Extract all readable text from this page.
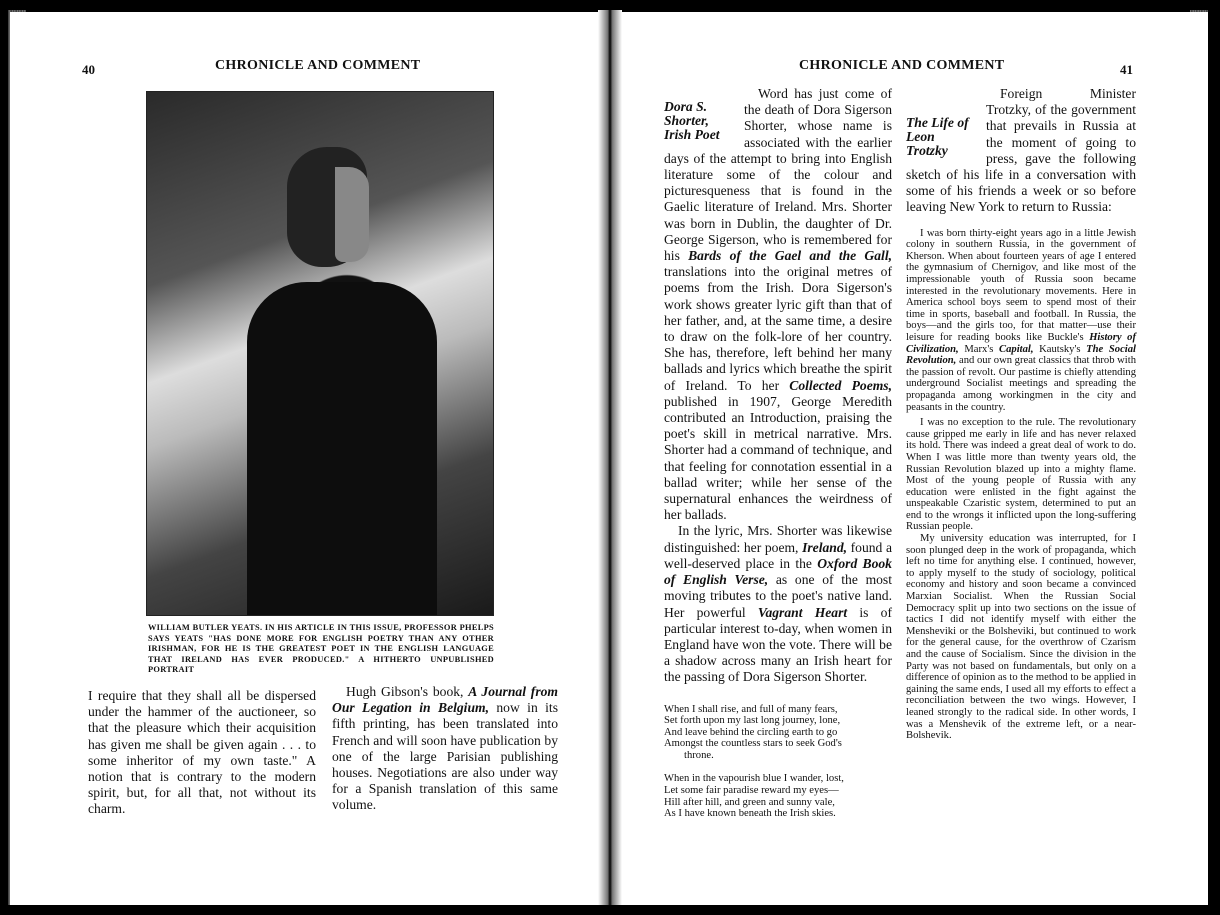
40	CHRONICLE AND COMMENT
WILLIAM BUTLER YEATS. IN HIS ARTICLE IN THIS ISSUE, PROFESSOR PHELPS SAYS YEATS "HAS DONE MORE FOR ENGLISH POETRY THAN ANY OTHER IRISHMAN, FOR HE IS THE GREATEST POET IN THE ENGLISH LANGUAGE THAT IRELAND HAS EVER PRODUCED." A HITHERTO UNPUBLISHED PORTRAIT

I require that they shall all be dispersed under the hammer of the auctioneer, so that the pleasure which their acquisition has given me shall be given again . . . to some inheritor of my own taste." A notion that is contrary to the modern spirit, but, for all that, not without its charm.

Hugh Gibson's book, A Journal from Our Legation in Belgium, now in its fifth printing, has been translated into French and will soon have publication by one of the large Parisian publishing houses. Negotiations are also under way for a Spanish translation of this same volume.

CHRONICLE AND COMMENT	41
Dora S. Shorter, Irish Poet

Word has just come of the death of Dora Sigerson Shorter, whose name is associated with the earlier days of the attempt to bring into English literature some of the colour and picturesqueness that is found in the Gaelic literature of Ireland. Mrs. Shorter was born in Dublin, the daughter of Dr. George Sigerson, who is remembered for his Bards of the Gael and the Gall, translations into the original metres of poems from the Irish. Dora Sigerson's work shows greater lyric gift than that of her father, and, at the same time, a desire to draw on the folk-lore of her country. She has, therefore, left behind her many ballads and lyrics which breathe the spirit of Ireland. To her Collected Poems, published in 1907, George Meredith contributed an Introduction, praising the poet's skill in metrical narrative. Mrs. Shorter had a command of technique, and that feeling for connotation essential in a ballad writer; while her sense of the supernatural enhances the weirdness of her ballads.

In the lyric, Mrs. Shorter was likewise distinguished: her poem, Ireland, found a well-deserved place in the Oxford Book of English Verse, as one of the most moving tributes to the poet's native land. Her powerful Vagrant Heart is of particular interest to-day, when women in England have won the vote. There will be a shadow across many an Irish heart for the passing of Dora Sigerson Shorter.

When I shall rise, and full of many fears,
Set forth upon my last long journey, lone,
And leave behind the circling earth to go
Amongst the countless stars to seek God's
throne.
When in the vapourish blue I wander, lost,
Let some fair paradise reward my eyes—
Hill after hill, and green and sunny vale,
As I have known beneath the Irish skies.
The Life of Leon Trotzky

Foreign Minister Trotzky, of the government that prevails in Russia at the moment of going to press, gave the following sketch of his life in a conversation with some of his friends a week or so before leaving New York to return to Russia:

I was born thirty-eight years ago in a little Jewish colony in southern Russia, in the government of Kherson. When about fourteen years of age I entered the gymnasium of Chernigov, and like most of the impressionable youth of Russia soon became interested in the revolutionary movements. Here in America school boys seem to spend most of their time in sports, baseball and football. In Russia, the boys—and the girls too, for that matter—use their leisure for reading books like Buckle's History of Civilization, Marx's Capital, Kautsky's The Social Revolution, and our own great classics that throb with the passion of revolt. Our pastime is chiefly attending underground Socialist meetings and spreading the propaganda among workingmen in the city and peasants in the country.

I was no exception to the rule. The revolutionary cause gripped me early in life and has never relaxed its hold. There was indeed a great deal of work to do. When I was little more than twenty years old, the Russian Revolution blazed up into a mighty flame. Most of the young people of Russia with any education were enlisted in the fight against the unspeakable Czaristic system, determined to put an end to the wrongs it inflicted upon the long-suffering Russian people.

My university education was interrupted, for I soon plunged deep in the work of propaganda, which left no time for anything else. I continued, however, to apply myself to the study of sociology, political economy and history and soon became a convinced Marxian Socialist. When the Russian Social Democracy split up into two sections on the issue of tactics I did not identify myself with either the Mensheviki or the Bolsheviki, but continued to work for the general cause, for the overthrow of Czarism and the cause of Socialism. Since the division in the Party was not based on fundamentals, but only on a difference of opinion as to the method to be applied in gaining the same ends, I used all my efforts to effect a reconciliation between the two wings. However, I leaned strongly to the radical side. In other words, I was a Menshevik of the extreme left, or a near-Bolshevik.
